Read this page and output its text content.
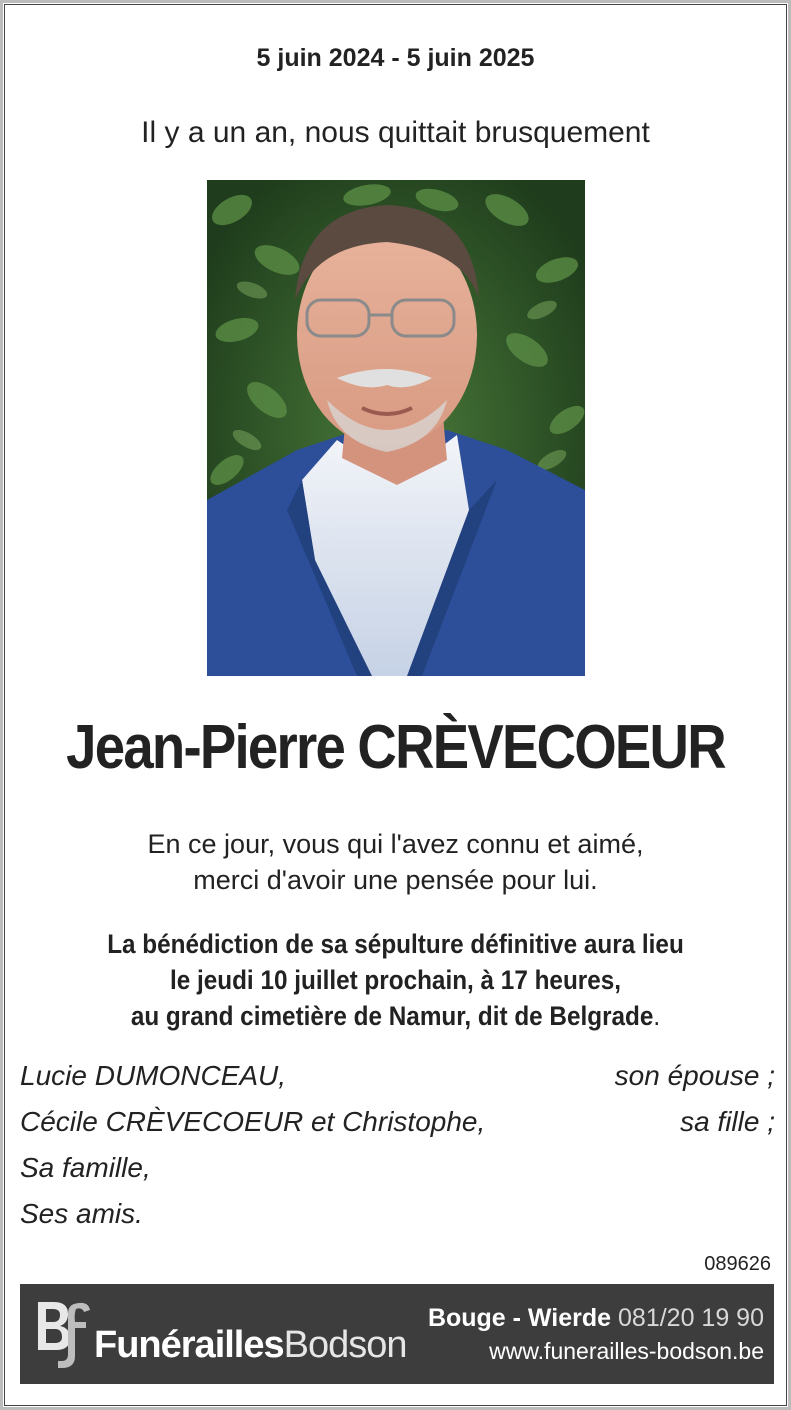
5 juin 2024 - 5 juin 2025
Il y a un an, nous quittait brusquement
Jean-Pierre CRÈVECOEUR
En ce jour, vous qui l'avez connu et aimé,
merci d'avoir une pensée pour lui.
La bénédiction de sa sépulture définitive aura lieu
le jeudi 10 juillet prochain, à 17 heures,
au grand cimetière de Namur, dit de Belgrade.
Lucie DUMONCEAU,	son épouse ;
Cécile CRÈVECOEUR et Christophe,	sa fille ;
Sa famille,
Ses amis.
089626
FunéraillesBodson
Bouge - Wierde 081/20 19 90
www.funerailles-bodson.be
